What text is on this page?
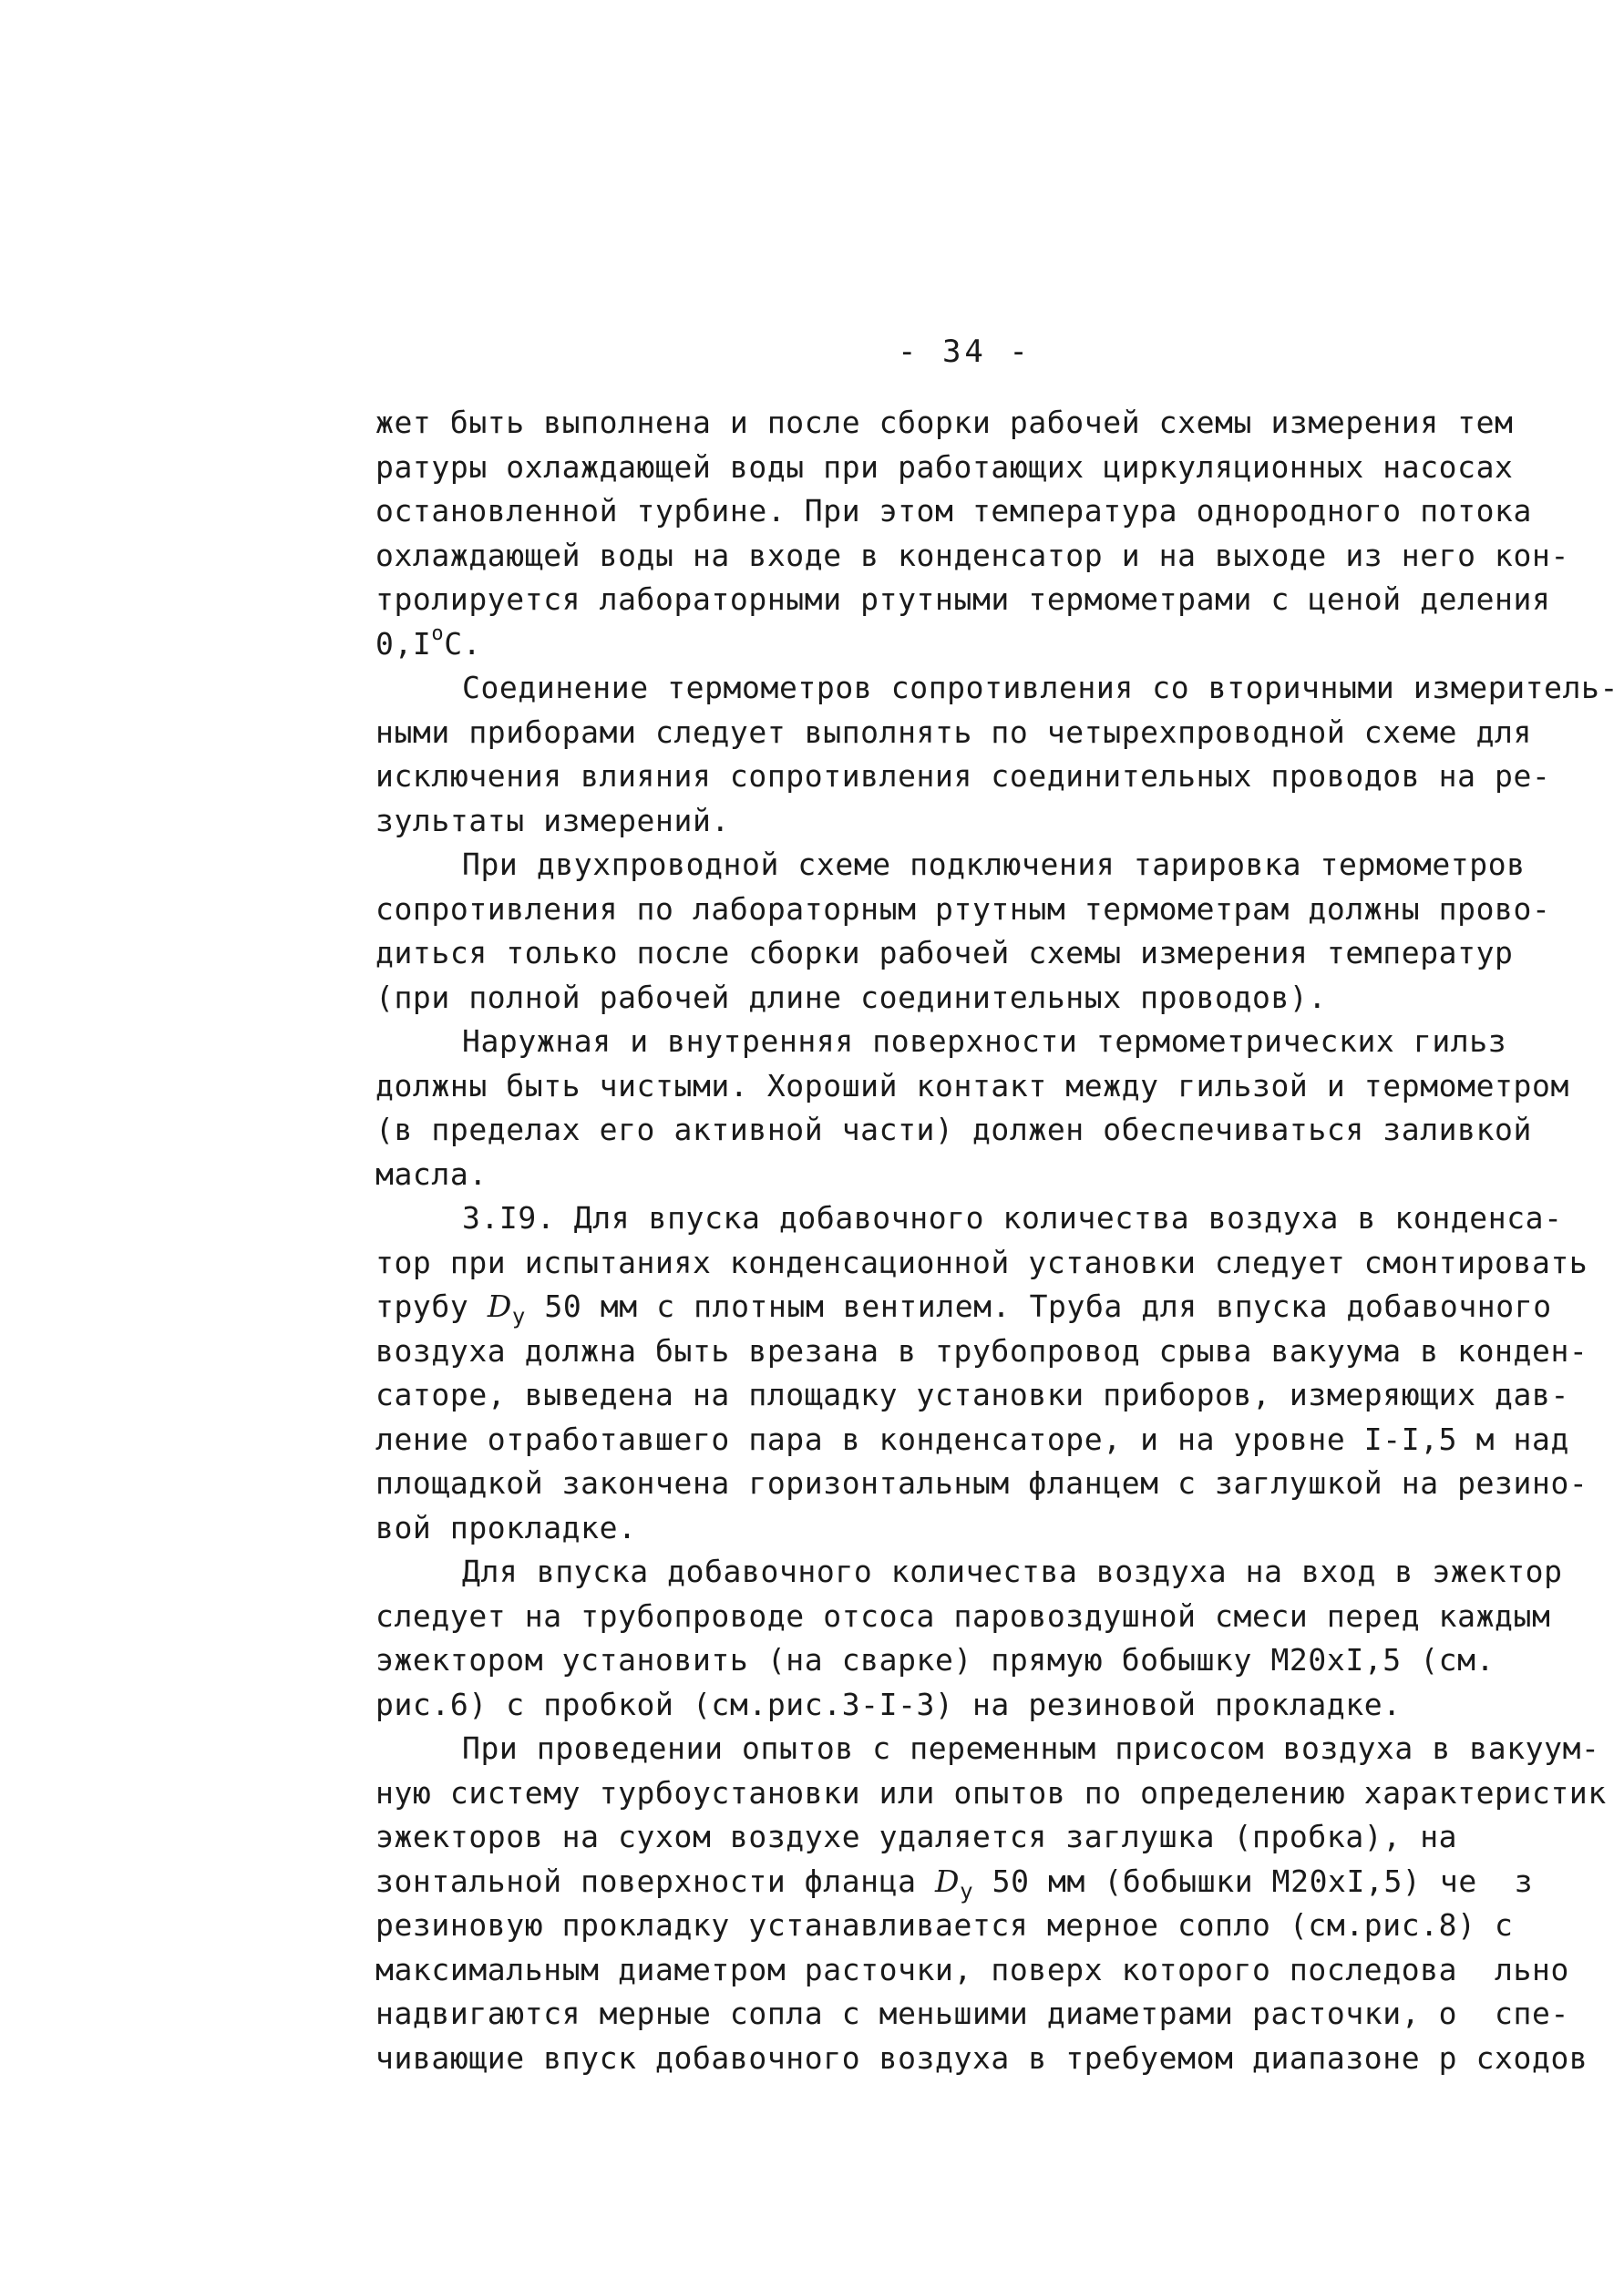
- 34 -
жет быть выполнена и после сборки рабочей схемы измерения тем
ратуры охлаждающей воды при работающих циркуляционных насосах
остановленной турбине. При этом температура однородного потока
охлаждающей воды на входе в конденсатор и на выходе из него кон-
тролируется лабораторными ртутными термометрами с ценой деления
$0,I^оС$.
Соединение термометров сопротивления со вторичными измеритель-
ными приборами следует выполнять по четырехпроводной схеме для
исключения влияния сопротивления соединительных проводов на ре-
зультаты измерений.
При двухпроводной схеме подключения тарировка термометров
сопротивления по лабораторным ртутным термометрам должны прово-
диться только после сборки рабочей схемы измерения температур
(при полной рабочей длине соединительных проводов).
Наружная и внутренняя поверхности термометрических гильз
должны быть чистыми. Хороший контакт между гильзой и термометром
(в пределах его активной части) должен обеспечиваться заливкой
масла.
3.I9. Для впуска добавочного количества воздуха в конденса-
тор при испытаниях конденсационной установки следует смонтировать
трубу $D_y$ 50 мм с плотным вентилем. Труба для впуска добавочного
воздуха должна быть врезана в трубопровод срыва вакуума в конден-
саторе, выведена на площадку установки приборов, измеряющих дав-
ление отработавшего пара в конденсаторе, и на уровне I-I,5 м над
площадкой закончена горизонтальным фланцем с заглушкой на резино-
вой прокладке.
Для впуска добавочного количества воздуха на вход в эжектор
следует на трубопроводе отсоса паровоздушной смеси перед каждым
эжектором установить (на сварке) прямую бобышку М20хI,5 (см.
рис.6) с пробкой (см.рис.3-I-3) на резиновой прокладке.
При проведении опытов с переменным присосом воздуха в вакуум-
ную систему турбоустановки или опытов по определению характеристик
эжекторов на сухом воздухе удаляется заглушка (пробка), на
зонтальной поверхности фланца $D_y$ 50 мм (бобышки М20хI,5) че  з
резиновую прокладку устанавливается мерное сопло (см.рис.8) с
максимальным диаметром расточки, поверх которого последова  льно
надвигаются мерные сопла с меньшими диаметрами расточки, о  спе-
чивающие впуск добавочного воздуха в требуемом диапазоне р сходов
